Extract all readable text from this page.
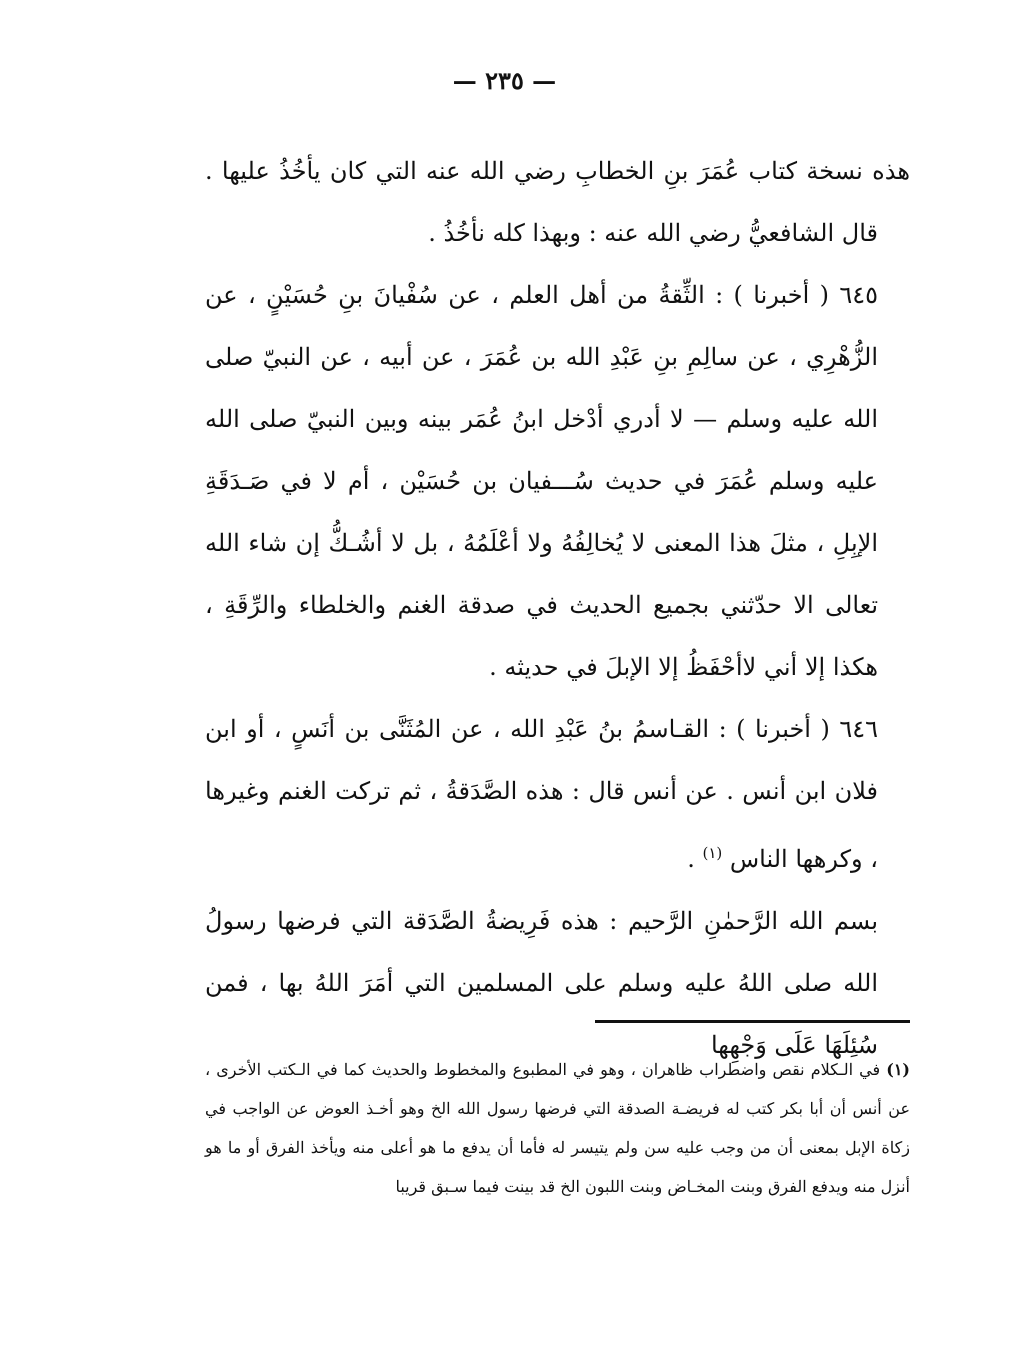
— ٢٣٥ —

هذه نسخة كتاب عُمَرَ بنِ الخطابِ رضي الله عنه التي كان يأخُذُ عليها .

قال الشافعيُّ رضي الله عنه : وبهذا كله نأخُذُ .

٦٤٥ ( أخبرنا ) : الثِّقةُ من أهل العلم ، عن سُفْيانَ بنِ حُسَيْنٍ ، عن الزُّهْرِي ، عن سالِمِ بنِ عَبْدِ الله بن عُمَرَ ، عن أبيه ، عن النبيّ صلى الله عليه وسلم — لا أدري أدْخل ابنُ عُمَر بينه وبين النبيّ صلى الله عليه وسلم عُمَرَ في حديث سُـــفيان بن حُسَيْن ، أم لا في صَـدَقَةِ الإبِلِ ، مثلَ هذا المعنى لا يُخالِفُهُ ولا أعْلَمُهُ ، بل لا أشُـكُّ إن شاء الله تعالى الا حدّثني بجميع الحديث في صدقة الغنم والخلطاء والرِّقَةِ ، هكذا إلا أني لاأحْفَظُ إلا الإبلَ في حديثه .

٦٤٦ ( أخبرنا ) : القـاسمُ بنُ عَبْدِ الله ، عن المُثَنَّى بن أنَسٍ ، أو ابن فلان ابن أنس . عن أنس قال : هذه الصَّدَقةُ ، ثم تركت الغنم وغيرها ، وكرهها الناس $^{(١)}$ .

بسم الله الرَّحمٰنِ الرَّحيم : هذه فَرِيضةُ الصَّدَقة التي فرضها رسولُ الله صلى اللهُ عليه وسلم على المسلمين التي أمَرَ اللهُ بها ، فمن سُئِلَهَا عَلَى وَجْهِها

(١) في الـكلام نقص واضطراب ظاهران ، وهو في المطبوع والمخطوط والحديث كما في الـكتب الأخرى ، عن أنس أن أبا بكر كتب له فريضـة الصدقة التي فرضها رسول الله الخ وهو أخـذ العوض عن الواجب في زكاة الإبل بمعنى أن من وجب عليه سن ولم يتيسر له فأما أن يدفع ما هو أعلى منه ويأخذ الفرق أو ما هو أنزل منه ويدفع الفرق وبنت المخـاض وبنت اللبون الخ قد بينت فيما سـبق قريبا
